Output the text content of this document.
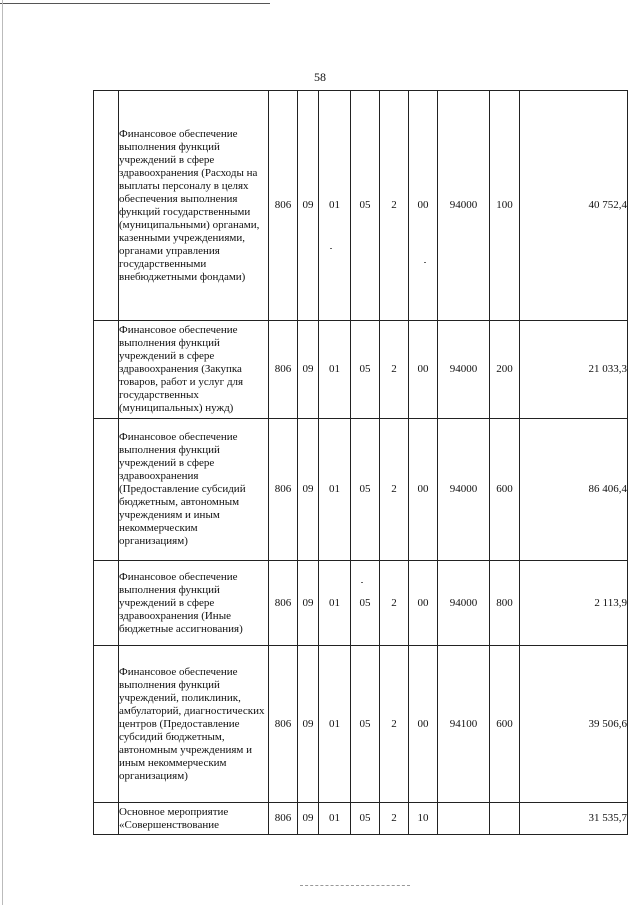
58
	Финансовое обеспечение выполнения функций учреждений в сфере здравоохранения (Расходы на выплаты персоналу в целях обеспечения выполнения функций государственными (муниципальными) органами, казенными учреждениями, органами управления государственными внебюджетными фондами)	806	09	01	05	2	00	94000	100	40 752,4
	Финансовое обеспечение выполнения функций учреждений в сфере здравоохранения (Закупка товаров, работ и услуг для государственных (муниципальных) нужд)	806	09	01	05	2	00	94000	200	21 033,3
	Финансовое обеспечение выполнения функций учреждений в сфере здравоохранения (Предоставление субсидий бюджетным, автономным учреждениям и иным некоммерческим организациям)	806	09	01	05	2	00	94000	600	86 406,4
	Финансовое обеспечение выполнения функций учреждений в сфере здравоохранения (Иные бюджетные ассигнования)	806	09	01	05	2	00	94000	800	2 113,9
	Финансовое обеспечение выполнения функций учреждений, поликлиник, амбулаторий, диагностических центров (Предоставление субсидий бюджетным, автономным учреждениям и иным некоммерческим организациям)	806	09	01	05	2	00	94100	600	39 506,6
	Основное мероприятие «Совершенствование	806	09	01	05	2	10			31 535,7
